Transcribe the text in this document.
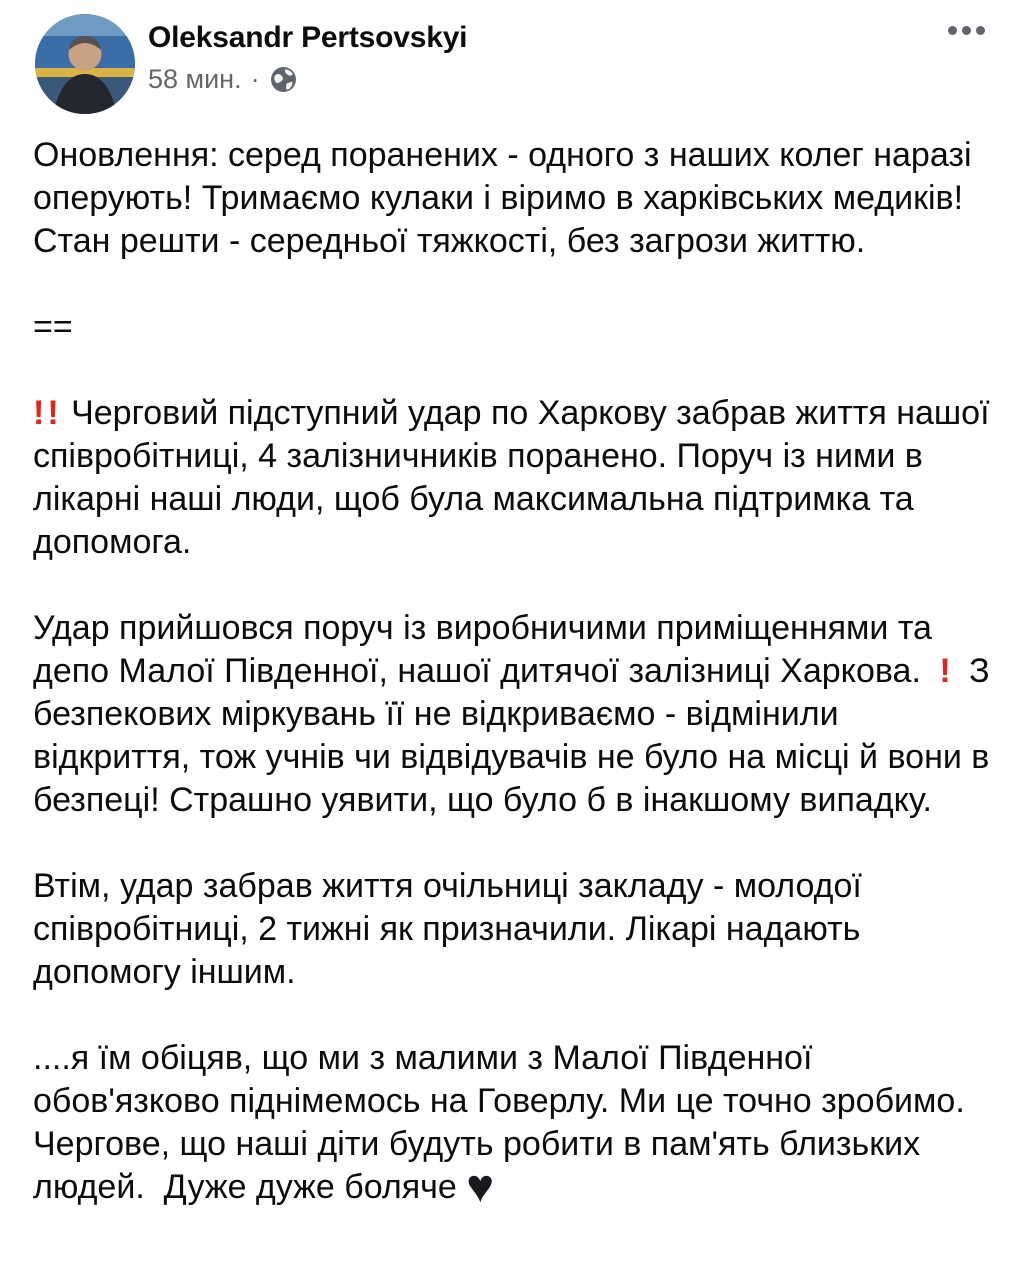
Oleksandr Pertsovskyi
58 мин. ·

Оновлення: серед поранених - одного з наших колег наразі оперують! Тримаємо кулаки і віримо в харківських медиків! Стан решти - середньої тяжкості, без загрози життю.

==

!! Черговий підступний удар по Харкову забрав життя нашої співробітниці, 4 залізничників поранено. Поруч із ними в лікарні наші люди, щоб була максимальна підтримка та допомога.

Удар прийшовся поруч із виробничими приміщеннями та депо Малої Південної, нашої дитячої залізниці Харкова. ! З безпекових міркувань її не відкриваємо - відмінили відкриття, тож учнів чи відвідувачів не було на місці й вони в безпеці! Страшно уявити, що було б в інакшому випадку.

Втім, удар забрав життя очільниці закладу - молодої співробітниці, 2 тижні як призначили. Лікарі надають допомогу іншим.

....я їм обіцяв, що ми з малими з Малої Південної обов'язково піднімемось на Говерлу. Ми це точно зробимо. Чергове, що наші діти будуть робити в пам'ять близьких людей.  Дуже дуже боляче ♥
